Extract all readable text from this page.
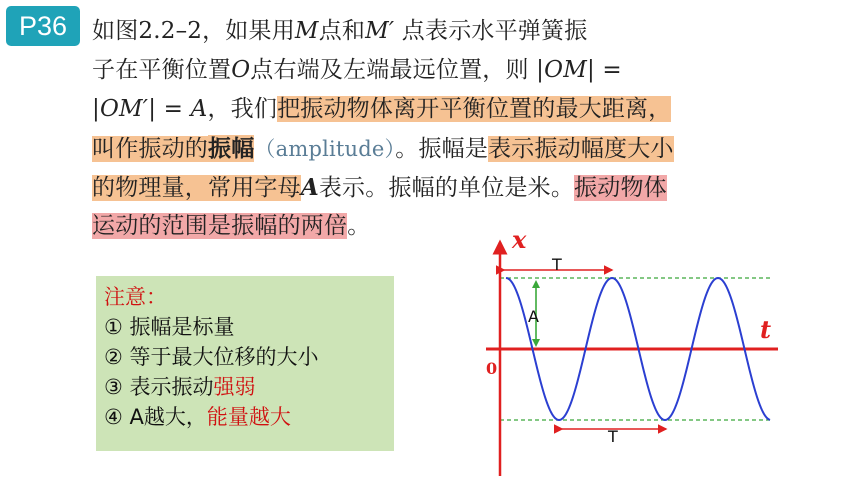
P36	如图2.2–2，如果用M点和M′ 点表示水平弹簧振
子在平衡位置O点右端及左端最远位置，则 |OM| =
|OM′| = A，我们把振动物体离开平衡位置的最大距离，
叫作振动的振幅（amplitude）。振幅是表示振动幅度大小
的物理量，常用字母A表示。振幅的单位是米。振动物体
运动的范围是振幅的两倍。
注意：
① 振幅是标量
② 等于最大位移的大小
③ 表示振动强弱
④ A越大，能量越大
x
t
0
T
T
A
